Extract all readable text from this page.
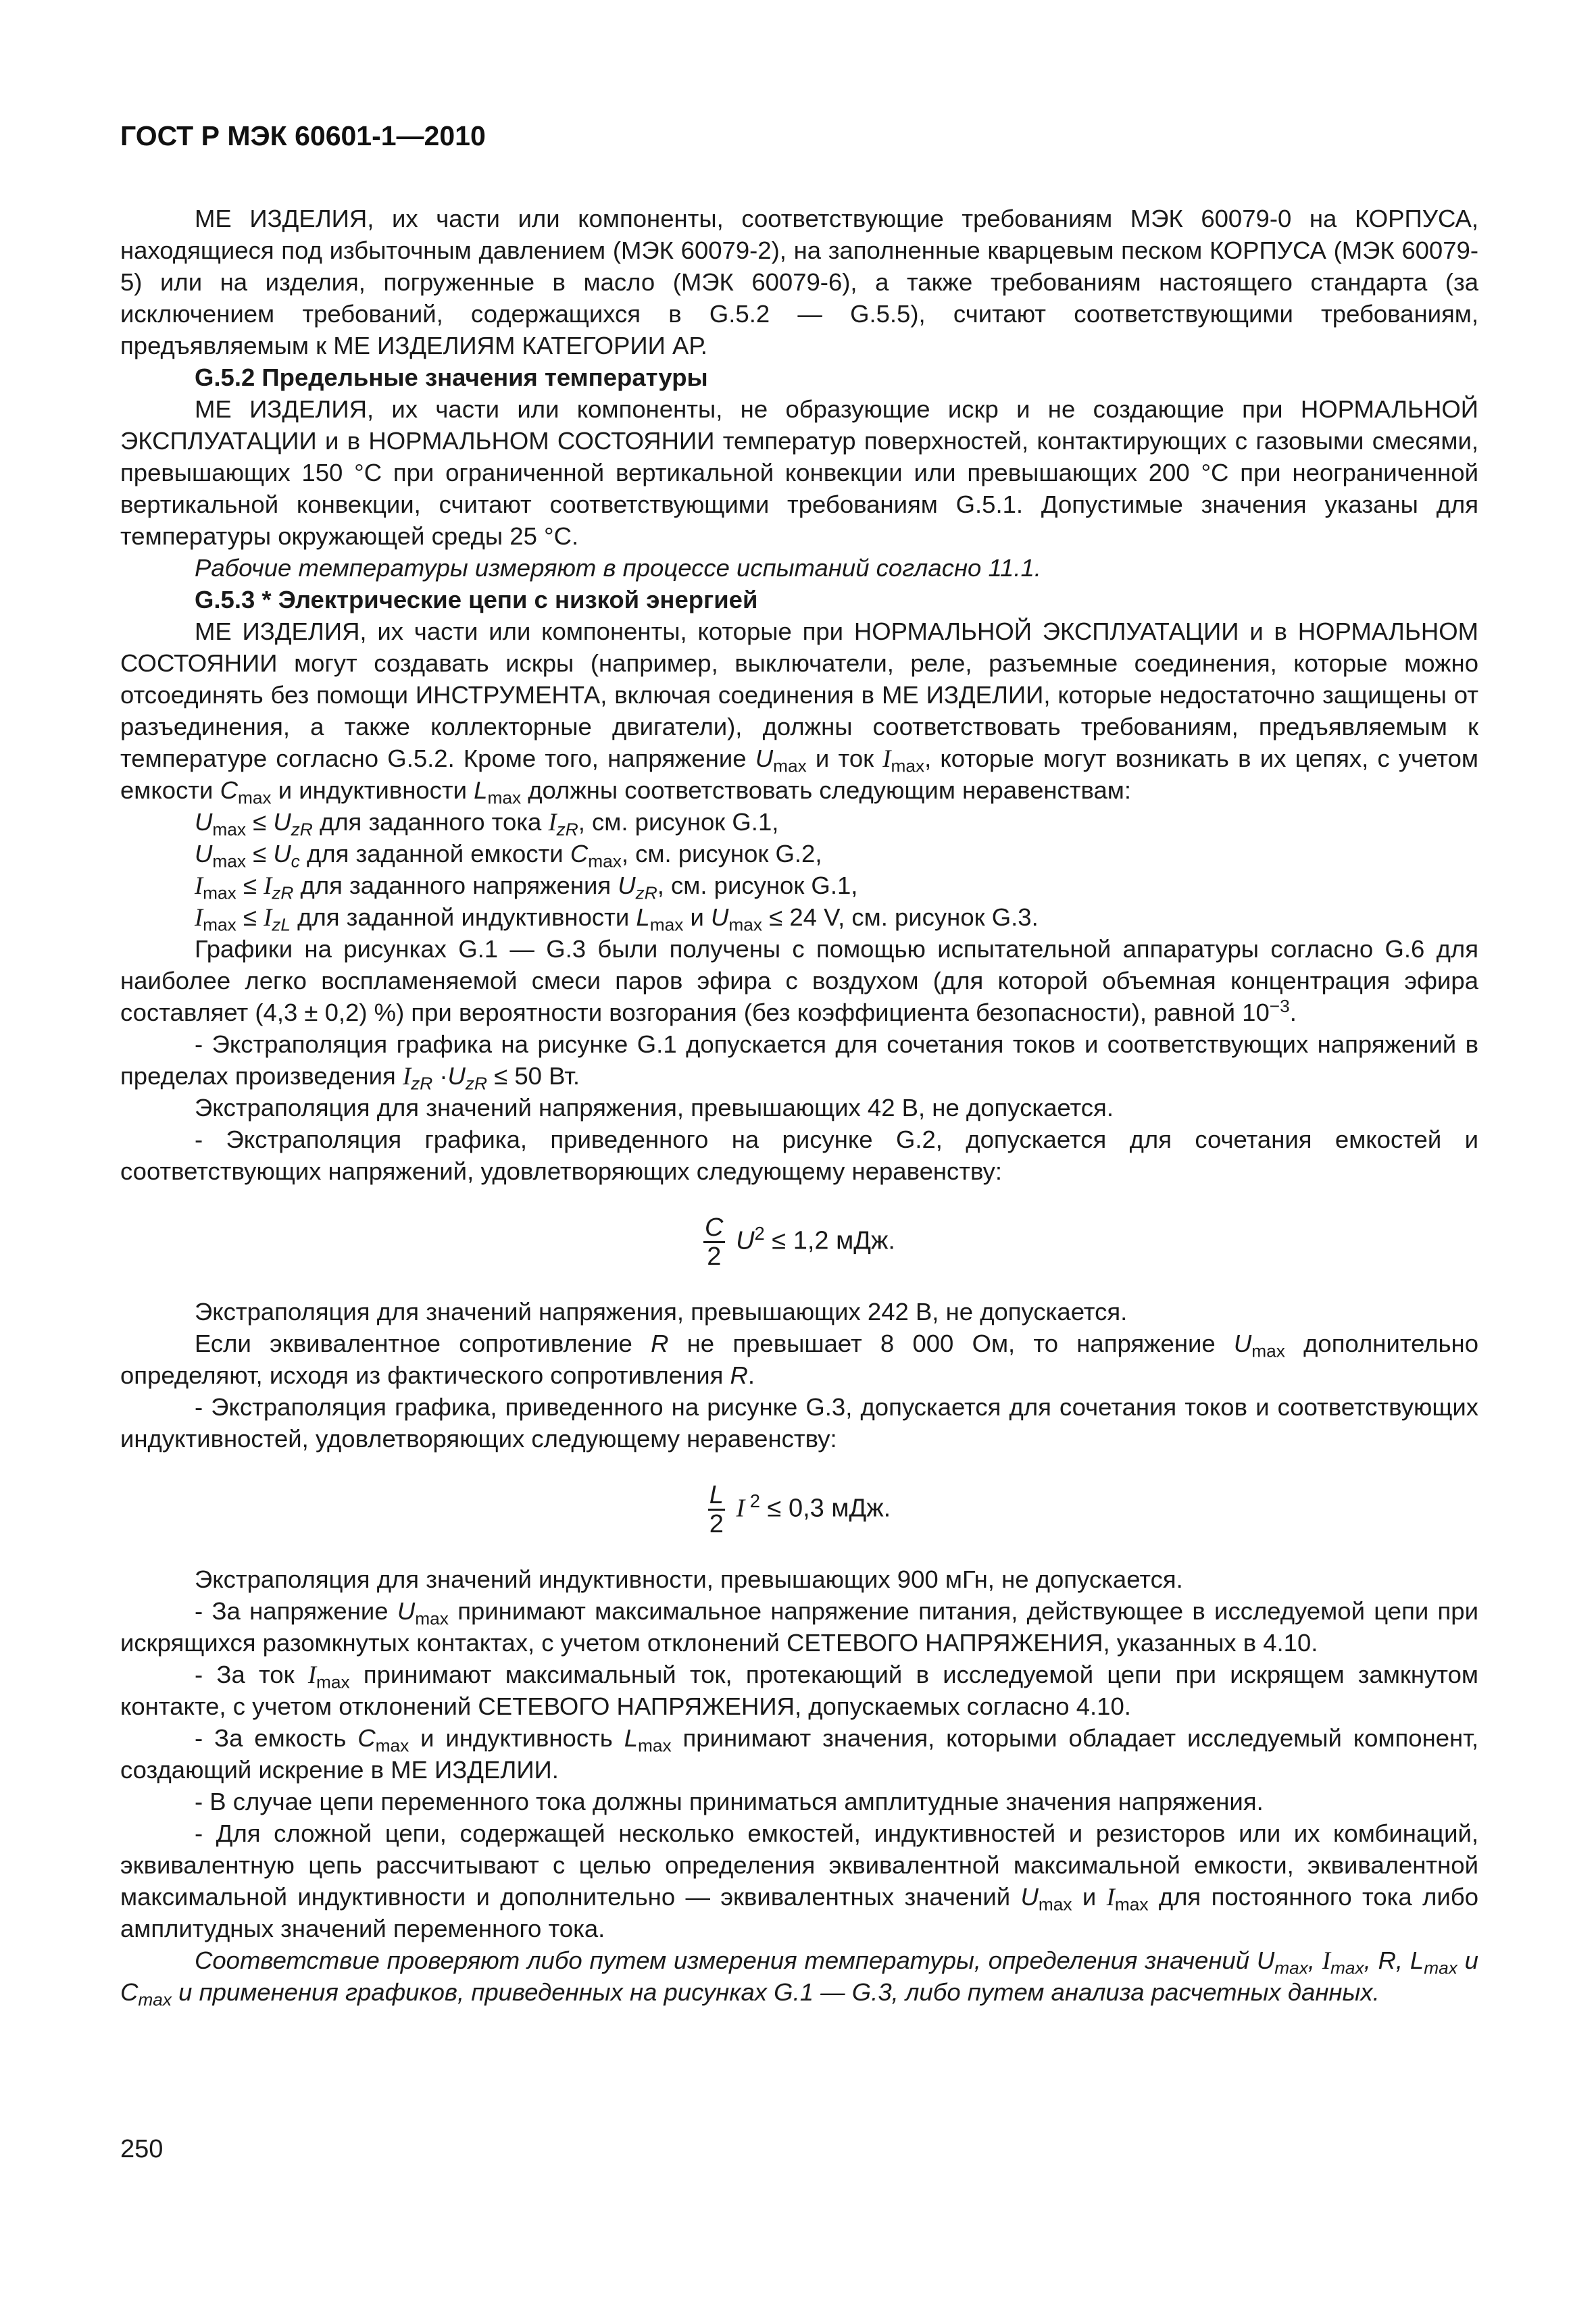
ГОСТ Р МЭК 60601-1—2010

МЕ ИЗДЕЛИЯ, их части или компоненты, соответствующие требованиям МЭК 60079-0 на КОРПУСА, находящиеся под избыточным давлением (МЭК 60079-2), на заполненные кварцевым песком КОРПУСА (МЭК 60079-5) или на изделия, погруженные в масло (МЭК 60079-6), а также требованиям настоящего стандарта (за исключением требований, содержащихся в G.5.2 — G.5.5), считают соответствующими требованиям, предъявляемым к МЕ ИЗДЕЛИЯМ КАТЕГОРИИ АР.

G.5.2 Предельные значения температуры

МЕ ИЗДЕЛИЯ, их части или компоненты, не образующие искр и не создающие при НОРМАЛЬНОЙ ЭКСПЛУАТАЦИИ и в НОРМАЛЬНОМ СОСТОЯНИИ температур поверхностей, контактирующих с газовыми смесями, превышающих 150 °С при ограниченной вертикальной конвекции или превышающих 200 °С при неограниченной вертикальной конвекции, считают соответствующими требованиям G.5.1. Допустимые значения указаны для температуры окружающей среды 25 °С.

Рабочие температуры измеряют в процессе испытаний согласно 11.1.

G.5.3 * Электрические цепи с низкой энергией

МЕ ИЗДЕЛИЯ, их части или компоненты, которые при НОРМАЛЬНОЙ ЭКСПЛУАТАЦИИ и в НОРМАЛЬНОМ СОСТОЯНИИ могут создавать искры (например, выключатели, реле, разъемные соединения, которые можно отсоединять без помощи ИНСТРУМЕНТА, включая соединения в МЕ ИЗДЕЛИИ, которые недостаточно защищены от разъединения, а также коллекторные двигатели), должны соответствовать требованиям, предъявляемым к температуре согласно G.5.2. Кроме того, напряжение $U_{max}$ и ток $I_{max}$, которые могут возникать в их цепях, с учетом емкости $C_{max}$ и индуктивности $L_{max}$ должны соответствовать следующим неравенствам:

$U_{max} \le U_{zR}$ для заданного тока $I_{zR}$, см. рисунок G.1,

$U_{max} \le U_c$ для заданной емкости $C_{max}$, см. рисунок G.2,

$I_{max} \le I_{zR}$ для заданного напряжения $U_{zR}$, см. рисунок G.1,

$I_{max} \le I_{zL}$ для заданной индуктивности $L_{max}$ и $U_{max} \le 24$ V, см. рисунок G.3.

Графики на рисунках G.1 — G.3 были получены с помощью испытательной аппаратуры согласно G.6 для наиболее легко воспламеняемой смеси паров эфира с воздухом (для которой объемная концентрация эфира составляет (4,3 ± 0,2) %) при вероятности возгорания (без коэффициента безопасности), равной $10^{-3}$.

- Экстраполяция графика на рисунке G.1 допускается для сочетания токов и соответствующих напряжений в пределах произведения $I_{zR} \cdot U_{zR} \le 50$ Вт.

Экстраполяция для значений напряжения, превышающих 42 В, не допускается.

- Экстраполяция графика, приведенного на рисунке G.2, допускается для сочетания емкостей и соответствующих напряжений, удовлетворяющих следующему неравенству:

$\frac{C}{2} U^2 \le 1,2$ мДж.

Экстраполяция для значений напряжения, превышающих 242 В, не допускается.

Если эквивалентное сопротивление R не превышает 8 000 Ом, то напряжение $U_{max}$ дополнительно определяют, исходя из фактического сопротивления R.

- Экстраполяция графика, приведенного на рисунке G.3, допускается для сочетания токов и соответствующих индуктивностей, удовлетворяющих следующему неравенству:

$\frac{L}{2}$ I $^2$ ≤ 0,3 мДж.

Экстраполяция для значений индуктивности, превышающих 900 мГн, не допускается.

- За напряжение $U_{max}$ принимают максимальное напряжение питания, действующее в исследуемой цепи при искрящихся разомкнутых контактах, с учетом отклонений СЕТЕВОГО НАПРЯЖЕНИЯ, указанных в 4.10.

- За ток $I_{max}$ принимают максимальный ток, протекающий в исследуемой цепи при искрящем замкнутом контакте, с учетом отклонений СЕТЕВОГО НАПРЯЖЕНИЯ, допускаемых согласно 4.10.

- За емкость $C_{max}$ и индуктивность $L_{max}$ принимают значения, которыми обладает исследуемый компонент, создающий искрение в МЕ ИЗДЕЛИИ.

- В случае цепи переменного тока должны приниматься амплитудные значения напряжения.

- Для сложной цепи, содержащей несколько емкостей, индуктивностей и резисторов или их комбинаций, эквивалентную цепь рассчитывают с целью определения эквивалентной максимальной емкости, эквивалентной максимальной индуктивности и дополнительно — эквивалентных значений $U_{max}$ и $I_{max}$ для постоянного тока либо амплитудных значений переменного тока.

Соответствие проверяют либо путем измерения температуры, определения значений $U_{max}$, $I_{max}$, R, $L_{max}$ и $C_{max}$ и применения графиков, приведенных на рисунках G.1 — G.3, либо путем анализа расчетных данных.

250
